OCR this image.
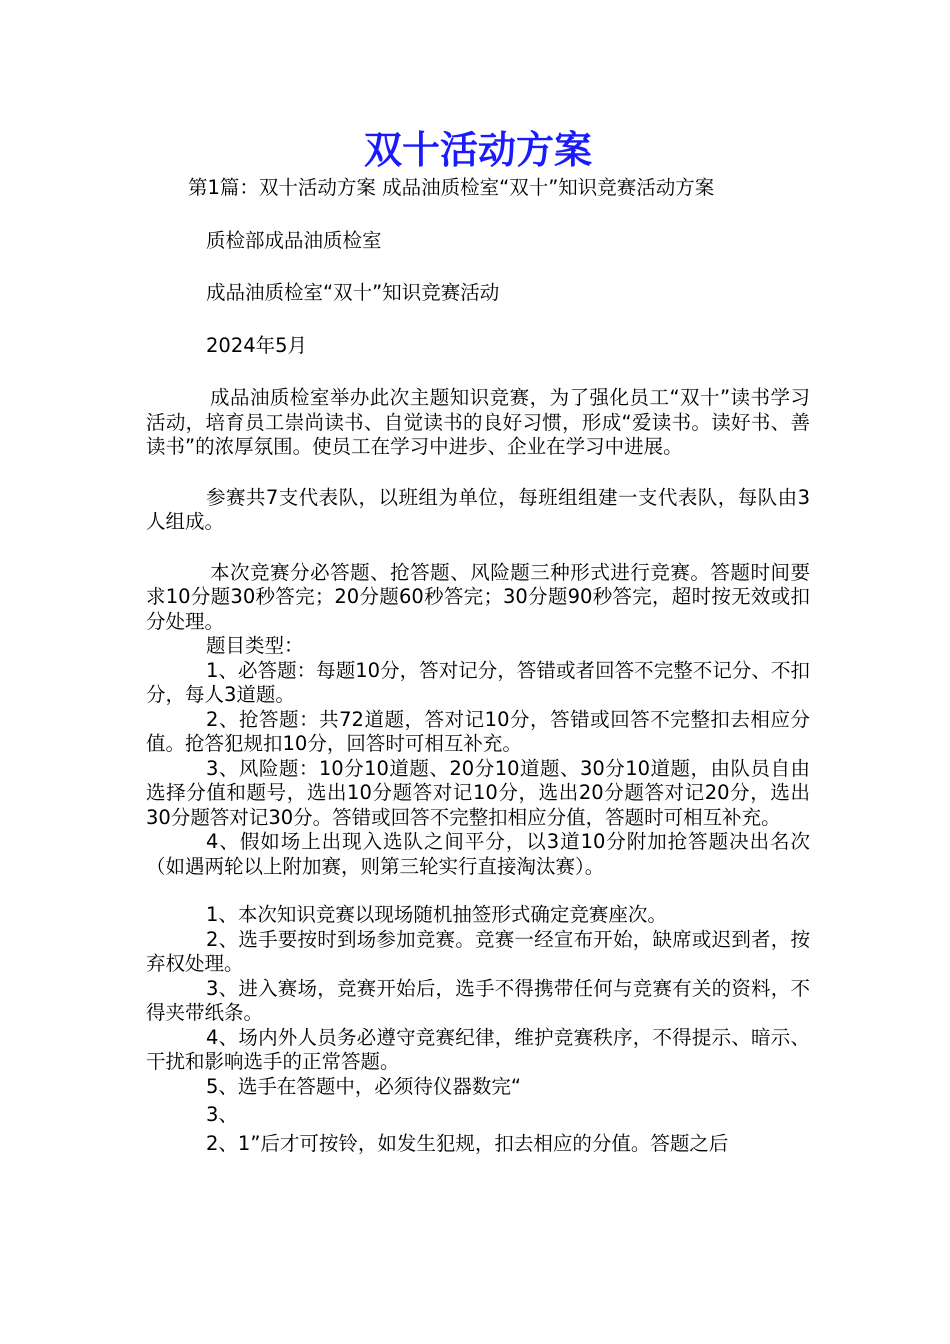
双十活动方案

第1篇：双十活动方案 成品油质检室“双十”知识竞赛活动方案

质检部成品油质检室

成品油质检室“双十”知识竞赛活动

2024年5月

成品油质检室举办此次主题知识竞赛，为了强化员工“双十”读书学习活动，培育员工崇尚读书、自觉读书的良好习惯，形成“爱读书。读好书、善读书”的浓厚氛围。使员工在学习中进步、企业在学习中进展。

参赛共7支代表队，以班组为单位，每班组组建一支代表队，每队由3人组成。

本次竞赛分必答题、抢答题、风险题三种形式进行竞赛。答题时间要求10分题30秒答完；20分题60秒答完；30分题90秒答完，超时按无效或扣分处理。

题目类型：

1、必答题：每题10分，答对记分，答错或者回答不完整不记分、不扣分，每人3道题。

2、抢答题：共72道题，答对记10分，答错或回答不完整扣去相应分值。抢答犯规扣10分，回答时可相互补充。

3、风险题：10分10道题、20分10道题、30分10道题，由队员自由选择分值和题号，选出10分题答对记10分，选出20分题答对记20分，选出30分题答对记30分。答错或回答不完整扣相应分值，答题时可相互补充。

4、假如场上出现入选队之间平分，以3道10分附加抢答题决出名次（如遇两轮以上附加赛，则第三轮实行直接淘汰赛）。

1、本次知识竞赛以现场随机抽签形式确定竞赛座次。

2、选手要按时到场参加竞赛。竞赛一经宣布开始，缺席或迟到者，按弃权处理。

3、进入赛场，竞赛开始后，选手不得携带任何与竞赛有关的资料，不得夹带纸条。

4、场内外人员务必遵守竞赛纪律，维护竞赛秩序，不得提示、暗示、干扰和影响选手的正常答题。

5、选手在答题中，必须待仪器数完“

3、

2、1”后才可按铃，如发生犯规，扣去相应的分值。答题之后
